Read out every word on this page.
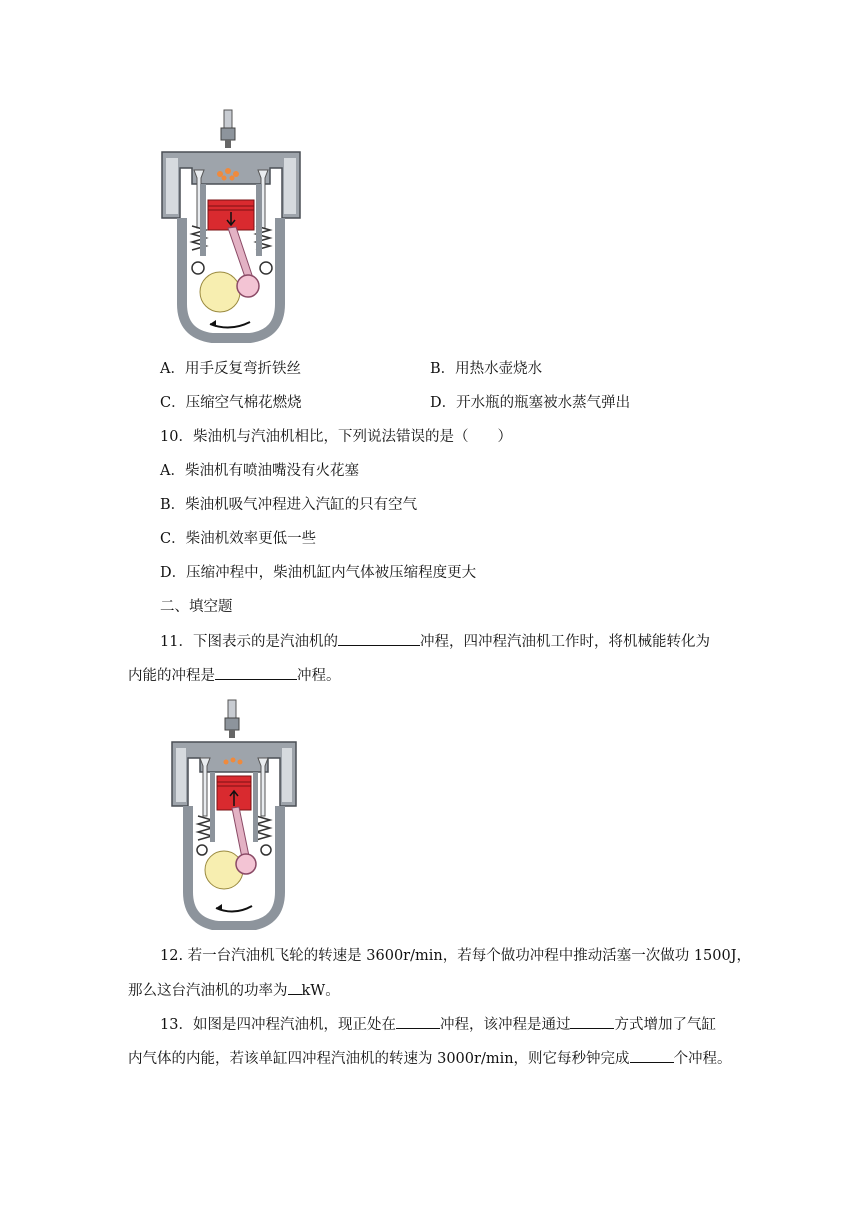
A．用手反复弯折铁丝	B．用热水壶烧水
C．压缩空气棉花燃烧	D．开水瓶的瓶塞被水蒸气弹出
10．柴油机与汽油机相比，下列说法错误的是（　　）
A．柴油机有喷油嘴没有火花塞
B．柴油机吸气冲程进入汽缸的只有空气
C．柴油机效率更低一些
D．压缩冲程中，柴油机缸内气体被压缩程度更大
二、填空题
11．下图表示的是汽油机的	冲程，四冲程汽油机工作时，将机械能转化为
内能的冲程是	冲程。
12. 若一台汽油机飞轮的转速是 3600r/min，若每个做功冲程中推动活塞一次做功 1500J，
那么这台汽油机的功率为 kW。
13．如图是四冲程汽油机，现正处在	冲程，该冲程是通过	方式增加了气缸
内气体的内能，若该单缸四冲程汽油机的转速为 3000r/min，则它每秒钟完成	个冲程。
